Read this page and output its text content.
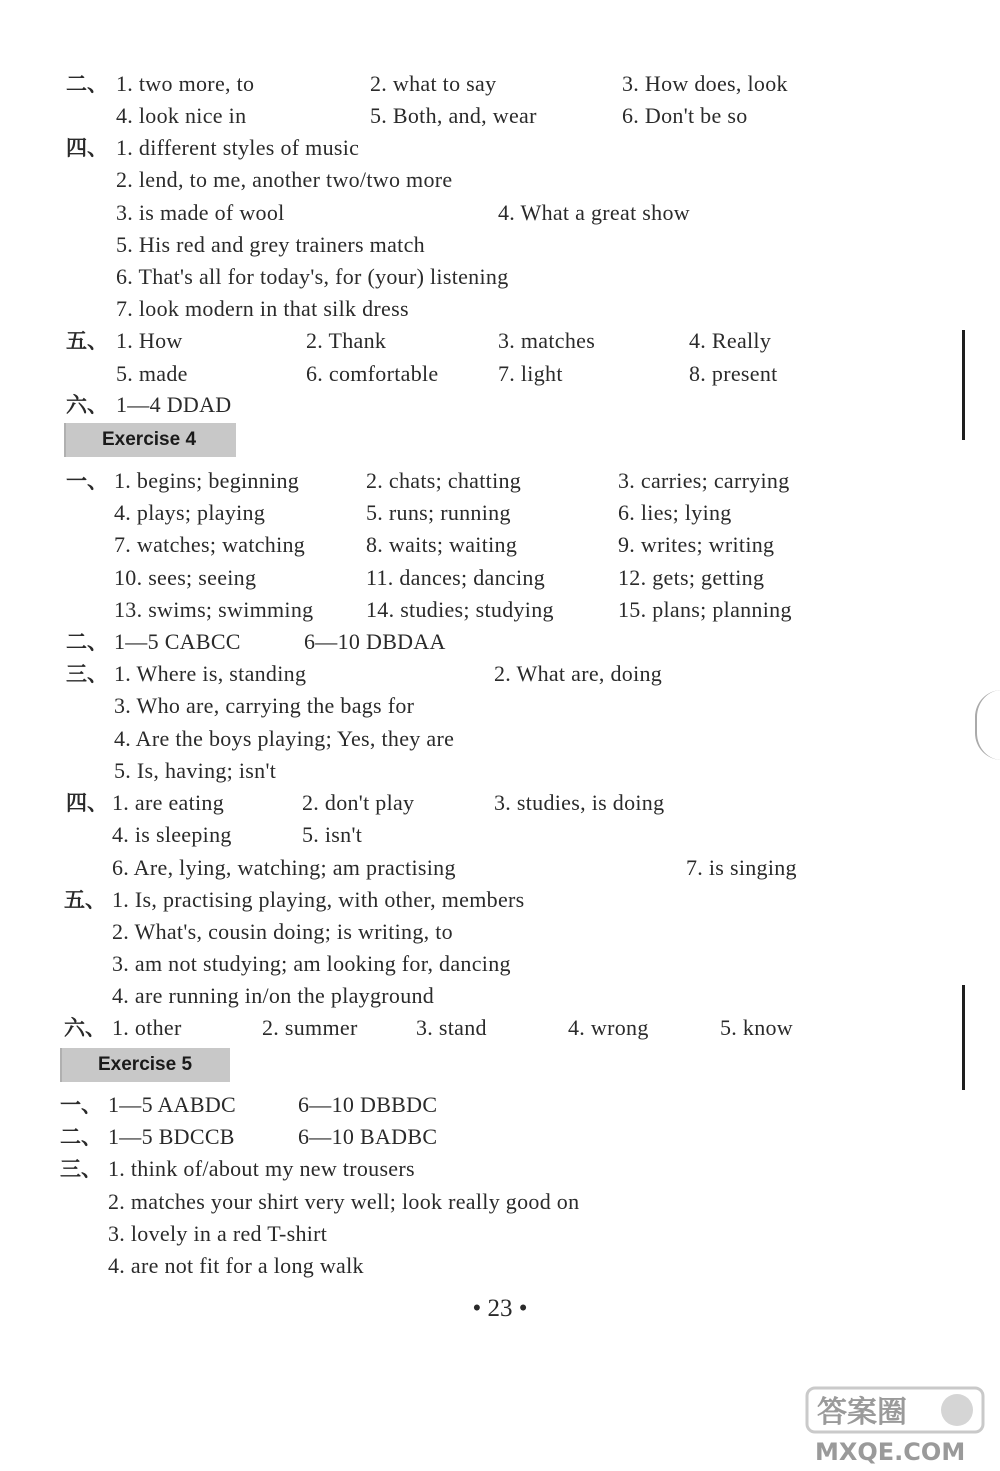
二、 1. two more, to	2. what to say	3. How does, look
4. look nice in	5. Both, and, wear	6. Don't be so
四、 1. different styles of music
2. lend, to me, another two/two more
3. is made of wool	4. What a great show
5. His red and grey trainers match
6. That's all for today's, for (your) listening
7. look modern in that silk dress
五、 1. How	2. Thank	3. matches	4. Really
5. made	6. comfortable	7. light	8. present
六、 1—4 DDAD
Exercise 4
一、 1. begins; beginning	2. chats; chatting	3. carries; carrying
4. plays; playing	5. runs; running	6. lies; lying
7. watches; watching	8. waits; waiting	9. writes; writing
10. sees; seeing	11. dances; dancing	12. gets; getting
13. swims; swimming 14. studies; studying	15. plans; planning
二、 1—5 CABCC	6—10 DBDAA
三、 1. Where is, standing	2. What are, doing
3. Who are, carrying the bags for
4. Are the boys playing; Yes, they are
5. Is, having; isn't
四、 1. are eating	2. don't play	3. studies, is doing
4. is sleeping	5. isn't
6. Are, lying, watching; am practising	7. is singing
五、 1. Is, practising playing, with other, members
2. What's, cousin doing; is writing, to
3. am not studying; am looking for, dancing
4. are running in/on the playground
六、 1. other	2. summer	3. stand	4. wrong	5. know
Exercise 5
一、 1—5 AABDC	6—10 DBBDC
二、 1—5 BDCCB	6—10 BADBC
三、 1. think of/about my new trousers
2. matches your shirt very well; look really good on
3. lovely in a red T-shirt
4. are not fit for a long walk
• 23 •
答案圈
MXQE.COM
